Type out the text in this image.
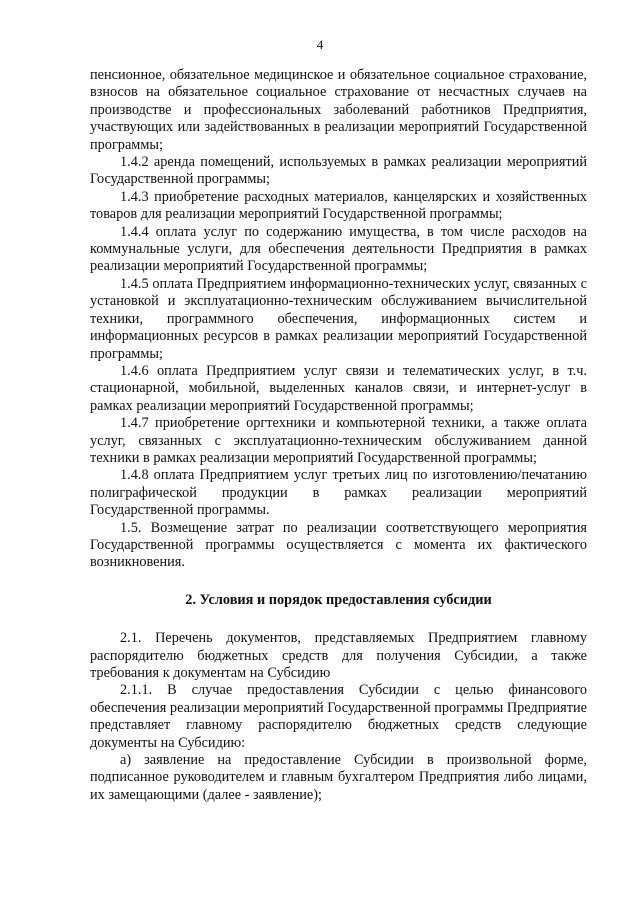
4

пенсионное, обязательное медицинское и обязательное социальное страхование, взносов на обязательное социальное страхование от несчастных случаев на производстве и профессиональных заболеваний работников Предприятия, участвующих или задействованных в реализации мероприятий Государственной программы;

1.4.2 аренда помещений, используемых в рамках реализации мероприятий Государственной программы;

1.4.3 приобретение расходных материалов, канцелярских и хозяйственных товаров для реализации мероприятий Государственной программы;

1.4.4 оплата услуг по содержанию имущества, в том числе расходов на коммунальные услуги, для обеспечения деятельности Предприятия в рамках реализации мероприятий Государственной программы;

1.4.5 оплата Предприятием информационно-технических услуг, связанных с установкой и эксплуатационно-техническим обслуживанием вычислительной техники, программного обеспечения, информационных систем и информационных ресурсов в рамках реализации мероприятий Государственной программы;

1.4.6 оплата Предприятием услуг связи и телематических услуг, в т.ч. стационарной, мобильной, выделенных каналов связи, и интернет-услуг в рамках реализации мероприятий Государственной программы;

1.4.7 приобретение оргтехники и компьютерной техники, а также оплата услуг, связанных с эксплуатационно-техническим обслуживанием данной техники в рамках реализации мероприятий Государственной программы;

1.4.8 оплата Предприятием услуг третьих лиц по изготовлению/печатанию полиграфической продукции в рамках реализации мероприятий Государственной программы.

1.5. Возмещение затрат по реализации соответствующего мероприятия Государственной программы осуществляется с момента их фактического возникновения.

2. Условия и порядок предоставления субсидии

2.1. Перечень документов, представляемых Предприятием главному распорядителю бюджетных средств для получения Субсидии, а также требования к документам на Субсидию

2.1.1. В случае предоставления Субсидии с целью финансового обеспечения реализации мероприятий Государственной программы Предприятие представляет главному распорядителю бюджетных средств следующие документы на Субсидию:

а) заявление на предоставление Субсидии в произвольной форме, подписанное руководителем и главным бухгалтером Предприятия либо лицами, их замещающими (далее - заявление);
